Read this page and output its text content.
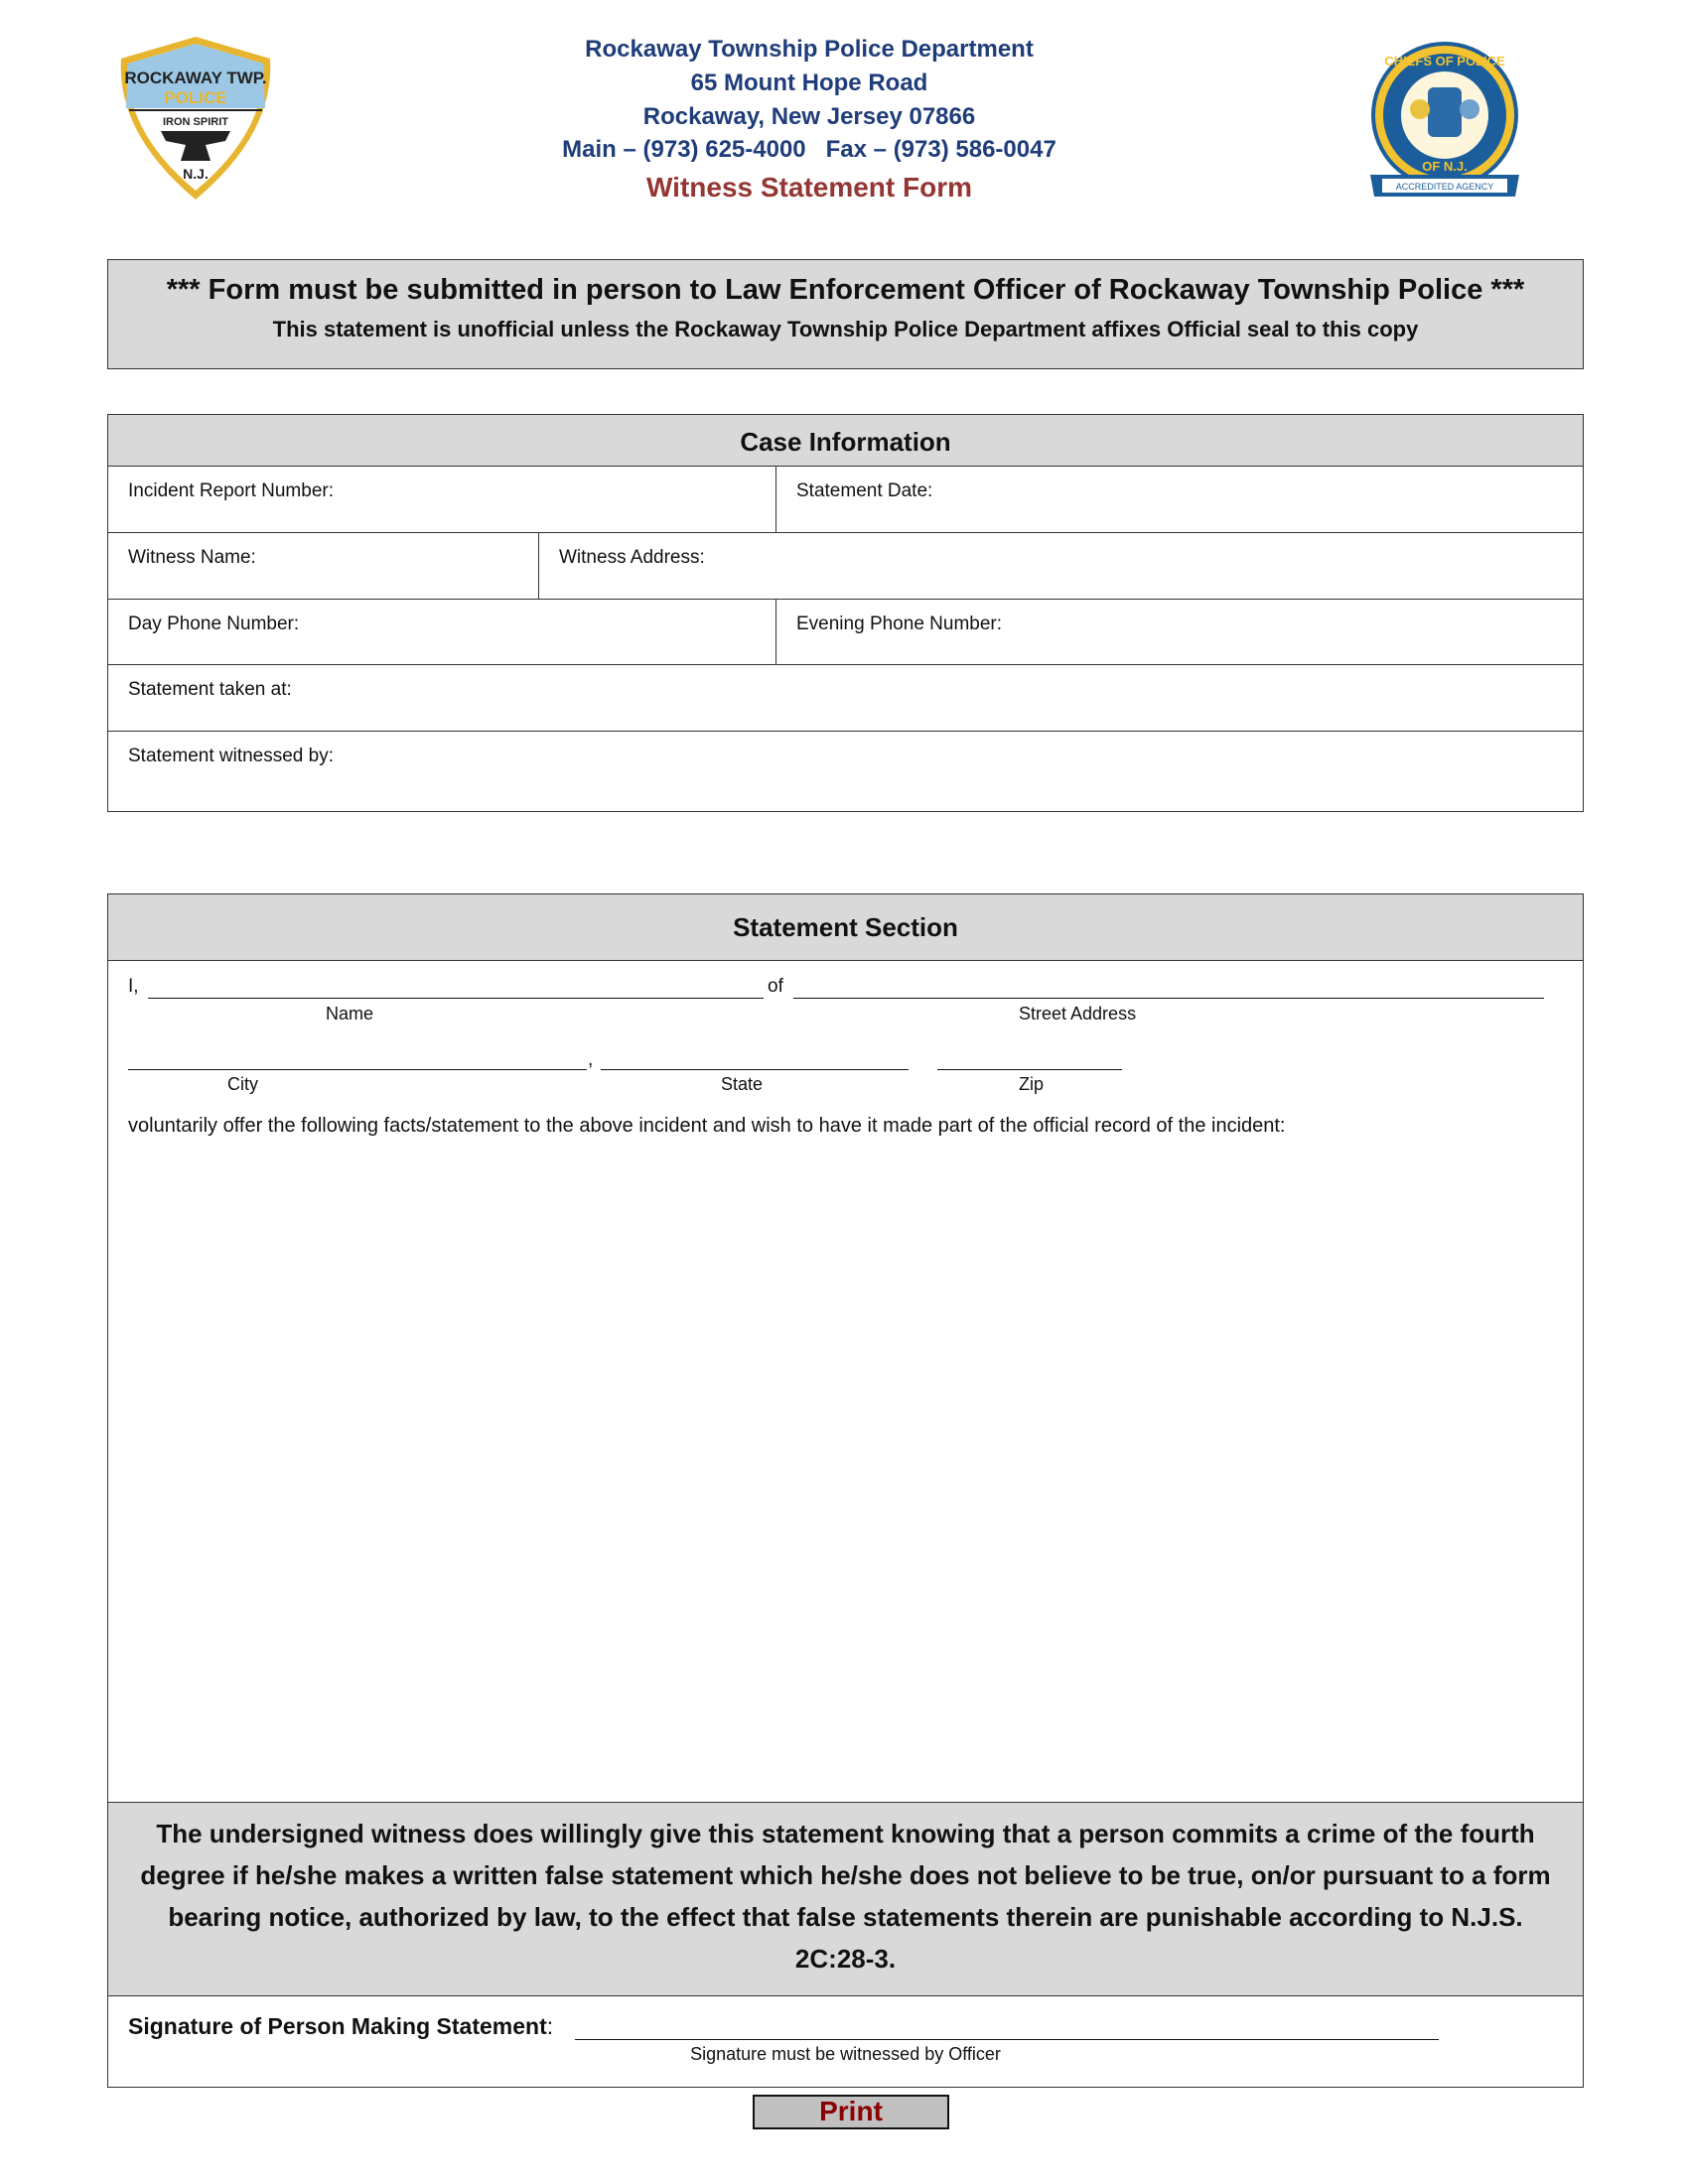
ROCKAWAY TWP.
POLICE
IRON SPIRIT
N.J.
Rockaway Township Police Department
65 Mount Hope Road
Rockaway, New Jersey 07866
Main – (973) 625-4000   Fax – (973) 586-0047
Witness Statement Form
CHIEFS OF POLICE
OF N.J.
ACCREDITED AGENCY
*** Form must be submitted in person to Law Enforcement Officer of Rockaway Township Police ***
This statement is unofficial unless the Rockaway Township Police Department affixes Official seal to this copy
Case Information
Incident Report Number:	Statement Date:
Witness Name:	Witness Address:
Day Phone Number:	Evening Phone Number:
Statement taken at:
Statement witnessed by:
Statement Section
I,	of
Name	Street Address
,
City	State	Zip
voluntarily offer the following facts/statement to the above incident and wish to have it made part of the official record of the incident:
The undersigned witness does willingly give this statement knowing that a person commits a crime of the fourth degree if he/she makes a written false statement which he/she does not believe to be true, on/or pursuant to a form bearing notice, authorized by law, to the effect that false statements therein are punishable according to N.J.S. 2C:28-3.
Signature of Person Making Statement:
Signature must be witnessed by Officer
Print
